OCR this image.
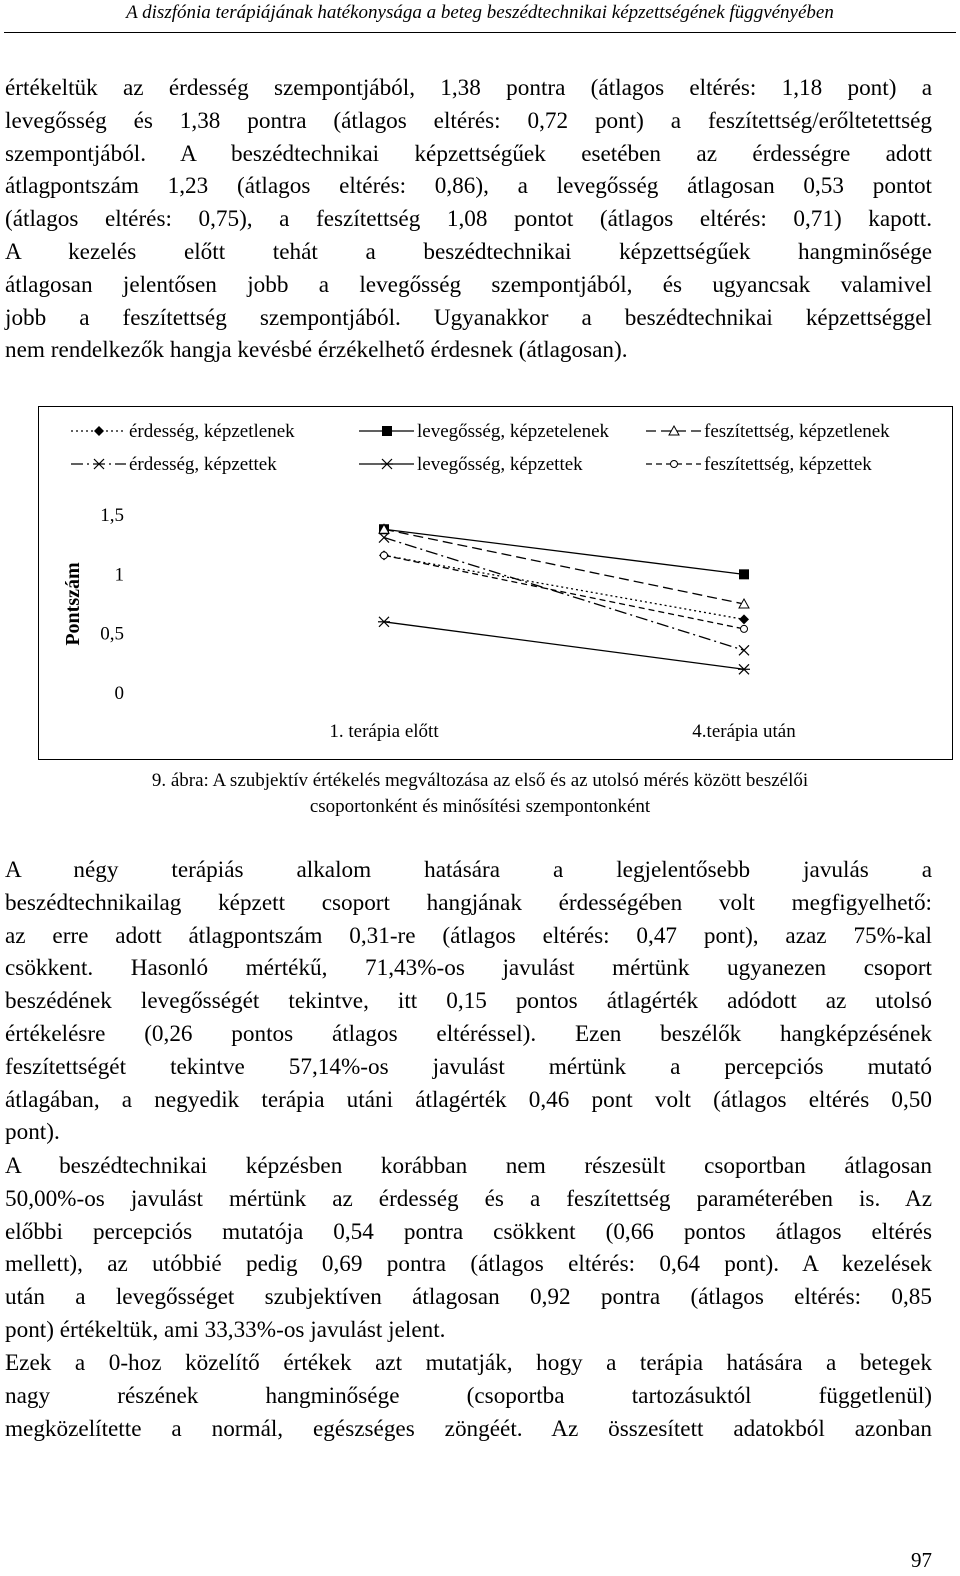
A diszfónia terápiájának hatékonysága a beteg beszédtechnikai képzettségének függvényében
értékeltük az érdesség szempontjából, 1,38 pontra (átlagos eltérés: 1,18 pont) a
levegősség és 1,38 pontra (átlagos eltérés: 0,72 pont) a feszítettség/erőltetettség
szempontjából. A beszédtechnikai képzettségűek esetében az érdességre adott
átlagpontszám 1,23 (átlagos eltérés: 0,86), a levegősség átlagosan 0,53 pontot
(átlagos eltérés: 0,75), a feszítettség 1,08 pontot (átlagos eltérés: 0,71) kapott.
A kezelés előtt tehát a beszédtechnikai képzettségűek hangminősége
átlagosan jelentősen jobb a levegősség szempontjából, és ugyancsak valamivel
jobb a feszítettség szempontjából. Ugyanakkor a beszédtechnikai képzettséggel
nem rendelkezők hangja kevésbé érzékelhető érdesnek (átlagosan).
0
0,5
1
1,5
Pontszám
1. terápia előtt	4.terápia után
érdesség, képzetlenek	levegősség, képzetelenek	feszítettség, képzetlenek
érdesség, képzettek	levegősség, képzettek	feszítettség, képzettek
9. ábra: A szubjektív értékelés megváltozása az első és az utolsó mérés között beszélői
csoportonként és minősítési szempontonként
A négy terápiás alkalom hatására a legjelentősebb javulás a
beszédtechnikailag képzett csoport hangjának érdességében volt megfigyelhető:
az erre adott átlagpontszám 0,31-re (átlagos eltérés: 0,47 pont), azaz 75%-kal
csökkent. Hasonló mértékű, 71,43%-os javulást mértünk ugyanezen csoport
beszédének levegősségét tekintve, itt 0,15 pontos átlagérték adódott az utolsó
értékelésre (0,26 pontos átlagos eltéréssel). Ezen beszélők hangképzésének
feszítettségét tekintve 57,14%-os javulást mértünk a percepciós mutató
átlagában, a negyedik terápia utáni átlagérték 0,46 pont volt (átlagos eltérés 0,50
pont).
A beszédtechnikai képzésben korábban nem részesült csoportban átlagosan
50,00%-os javulást mértünk az érdesség és a feszítettség paraméterében is. Az
előbbi percepciós mutatója 0,54 pontra csökkent (0,66 pontos átlagos eltérés
mellett), az utóbbié pedig 0,69 pontra (átlagos eltérés: 0,64 pont). A kezelések
után a levegősséget szubjektíven átlagosan 0,92 pontra (átlagos eltérés: 0,85
pont) értékeltük, ami 33,33%-os javulást jelent.
Ezek a 0-hoz közelítő értékek azt mutatják, hogy a terápia hatására a betegek
nagy részének hangminősége (csoportba tartozásuktól függetlenül)
megközelítette a normál, egészséges zöngéét. Az összesített adatokból azonban
97
